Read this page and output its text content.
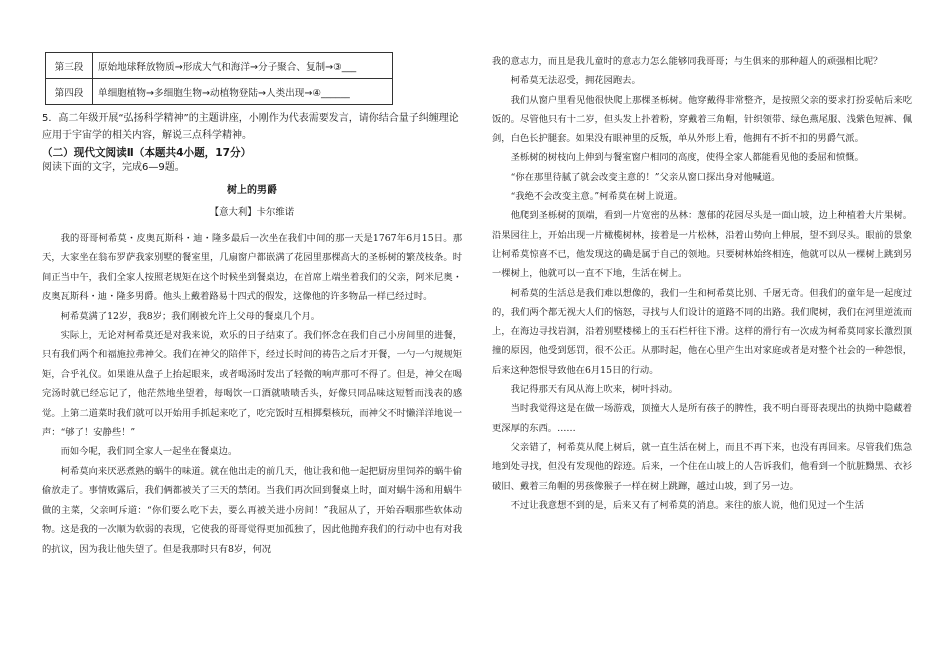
第三段	原始地球释放物质→形成大气和海洋→分子聚合、复制→③___
第四段	单细胞植物→多细胞生物→动植物登陆→人类出现→④______
5．高二年级开展“弘扬科学精神”的主题讲座，小刚作为代表需要发言，请你结合量子纠缠理论
应用于宇宙学的相关内容，解说三点科学精神。
（二）现代文阅读Ⅱ（本题共4小题，17分）
阅读下面的文字，完成6—9题。
树上的男爵
【意大利】卡尔维诺

我的哥哥柯希莫・皮奥瓦斯科・迪・隆多最后一次坐在我们中间的那一天是1767年6月15日。那天，大家坐在翁布罗萨我家别墅的餐室里，几扇窗户都嵌满了花园里那棵高大的圣栎树的繁茂枝条。时间正当中午，我们全家人按照老规矩在这个时候坐到餐桌边，在首席上端坐着我们的父亲，阿米尼奥・皮奥瓦斯科・迪・隆多男爵。他头上戴着路易十四式的假发，这像他的许多物品一样已经过时。

柯希莫满了12岁，我8岁；我们刚被允许上父母的餐桌几个月。

实际上，无论对柯希莫还是对我来说，欢乐的日子结束了。我们怀念在我们自己小房间里的进餐，只有我们两个和福施拉弗神父。我们在神父的陪伴下，经过长时间的祷告之后才开餐，一勺一勺规规矩矩，合乎礼仪。如果谁从盘子上抬起眼来，或者喝汤时发出了轻微的响声那可不得了。但是，神父在喝完汤时就已经忘记了，他茫然地坐望着，每喝饮一口酒就啧啧舌头，好像只同品味这短暂而浅表的感觉。上第二道菜时我们就可以开始用手抓起来吃了，吃完饭时互相掷梨核玩，而神父不时懒洋洋地说一声：“够了！安静些！”

而如今呢，我们同全家人一起坐在餐桌边。

柯希莫向来厌恶煮熟的蜗牛的味道。就在他出走的前几天，他让我和他一起把厨房里饲养的蜗牛偷偷放走了。事情败露后，我们俩都被关了三天的禁闭。当我们再次回到餐桌上时，面对蜗牛汤和用蜗牛做的主菜，父亲呵斥道：“你们要么吃下去，要么再被关进小房间！”我屈从了，开始吞咽那些软体动物。这是我的一次顺为软弱的表现，它使我的哥哥觉得更加孤独了，因此他抛弃我们的行动中也有对我的抗议，因为我让他失望了。但是我那时只有8岁，何况

我的意志力，而且是我儿童时的意志力怎么能够同我哥哥；与生俱来的那种超人的顽强相比呢？

柯希莫无法忍受，拥花园跑去。

我们从窗户里看见他很快爬上那棵圣栎树。他穿戴得非常整齐，是按照父亲的要求打扮妥帖后来吃饭的。尽管他只有十二岁，但头发上扑着粉，穿戴着三角帽，针织领带、绿色燕尾服、浅紫色短裤、佩剑，白色长护腿套。如果没有眼神里的反叛，单从外形上看，他拥有不折不扣的男爵气派。

圣栎树的树枝向上伸到与餐室窗户相同的高度，使得全家人都能看见他的委屈和愤慨。

“你在那里待腻了就会改变主意的！”父亲从窗口探出身对他喊道。

“我绝不会改变主意。”柯希莫在树上说道。

他爬到圣栎树的顶端，看到一片宽密的丛林：葱郁的花园尽头是一面山坡，边上种植着大片果树。沿果园往上，开始出现一片橄榄树林，接着是一片松林，沿着山势向上伸展，望不到尽头。眼前的景象让柯希莫惊喜不已，他发现这的确是属于自己的领地。只要树林始终相连，他就可以从一棵树上跳到另一棵树上，他就可以一直不下地，生活在树上。

柯希莫的生活总是我们难以想像的，我们一生和柯希莫比别、千屠无奇。但我们的童年是一起度过的，我们两个都无视大人们的恼怒，寻找与人们设计的道路不同的出路。我们爬树，我们在河里逆流而上，在海边寻找岩洞，沿着别墅楼梯上的玉石栏杆往下滑。这样的滑行有一次成为柯希莫同家长激烈顶撞的原因，他受到惩罚，很不公正。从那时起，他在心里产生出对家庭或者是对整个社会的一种怨恨，后来这种怨恨导致他在6月15日的行动。

我记得那天有风从海上吹来，树叶抖动。

当时我觉得这是在做一场游戏，顶撞大人是所有孩子的脾性，我不明白哥哥表现出的执拗中隐藏着更深厚的东西。……

父亲错了，柯希莫从爬上树后，就一直生活在树上，而且不再下来，也没有再回来。尽管我们焦急地到处寻找，但没有发现他的踪迹。后来，一个住在山坡上的人告诉我们，他看到一个肮脏黝黑、衣衫破旧、戴着三角帽的男孩像猴子一样在树上跳蹿，越过山坡，到了另一边。

不过让我意想不到的是，后来又有了柯希莫的消息。来往的旅人说，他们见过一个生活
